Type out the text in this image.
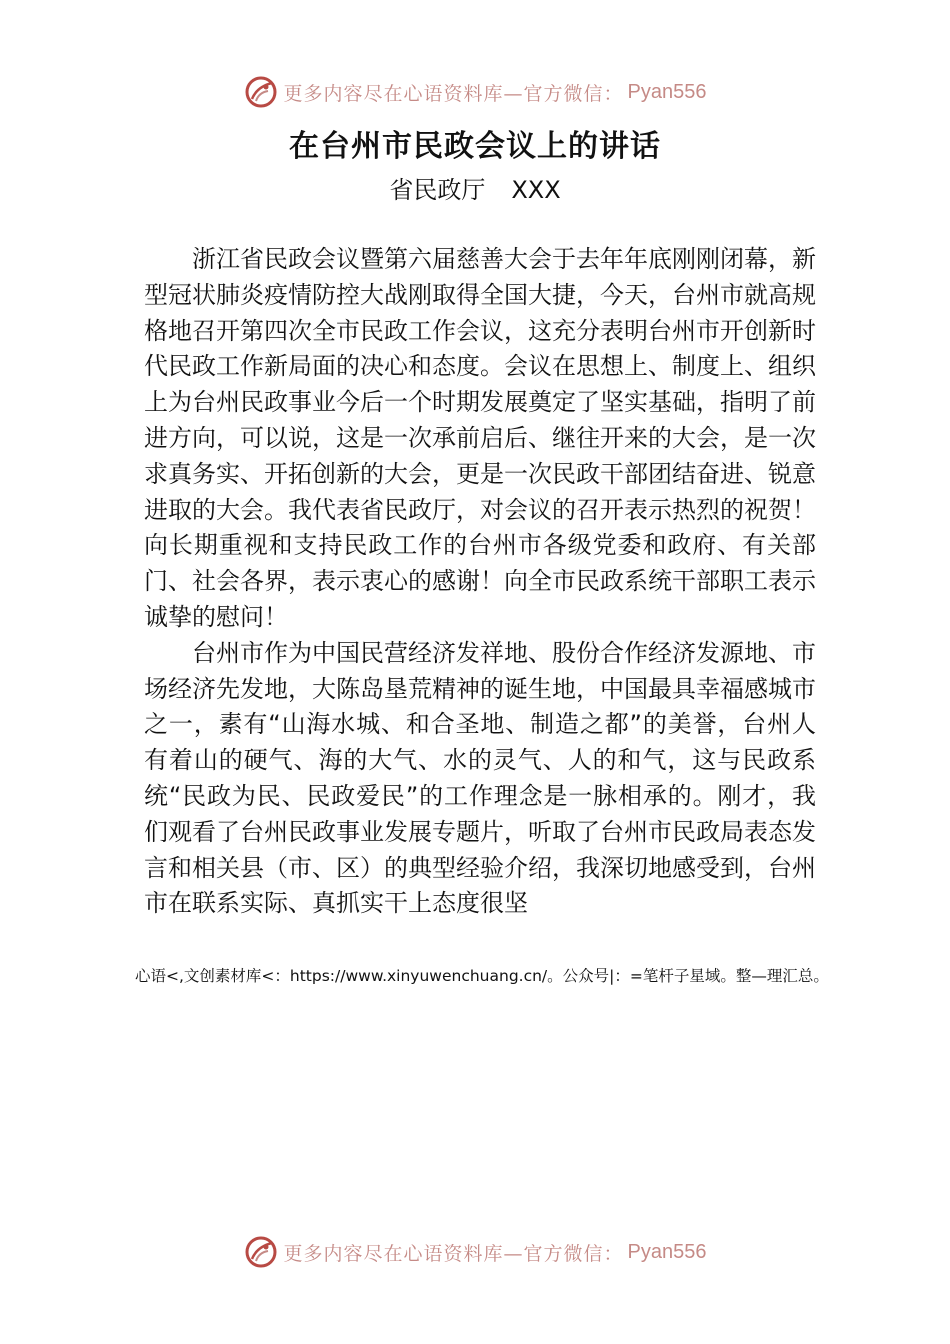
更多内容尽在心语资料库—官方微信： Pyan556
在台州市民政会议上的讲话
省民政厅 XXX

浙江省民政会议暨第六届慈善大会于去年年底刚刚闭幕，新型冠状肺炎疫情防控大战刚取得全国大捷，今天，台州市就高规格地召开第四次全市民政工作会议，这充分表明台州市开创新时代民政工作新局面的决心和态度。会议在思想上、制度上、组织上为台州民政事业今后一个时期发展奠定了坚实基础，指明了前进方向，可以说，这是一次承前启后、继往开来的大会，是一次求真务实、开拓创新的大会，更是一次民政干部团结奋进、锐意进取的大会。我代表省民政厅，对会议的召开表示热烈的祝贺！向长期重视和支持民政工作的台州市各级党委和政府、有关部门、社会各界，表示衷心的感谢！向全市民政系统干部职工表示诚挚的慰问！

台州市作为中国民营经济发祥地、股份合作经济发源地、市场经济先发地，大陈岛垦荒精神的诞生地，中国最具幸福感城市之一，素有“山海水城、和合圣地、制造之都”的美誉，台州人有着山的硬气、海的大气、水的灵气、人的和气，这与民政系统“民政为民、民政爱民”的工作理念是一脉相承的。刚才，我们观看了台州民政事业发展专题片，听取了台州市民政局表态发言和相关县（市、区）的典型经验介绍，我深切地感受到，台州市在联系实际、真抓实干上态度很坚

心语<,文创素材库<：https://www.xinyuwenchuang.cn/。公众号|：=笔杆子星域。整—理汇总。
更多内容尽在心语资料库—官方微信： Pyan556
